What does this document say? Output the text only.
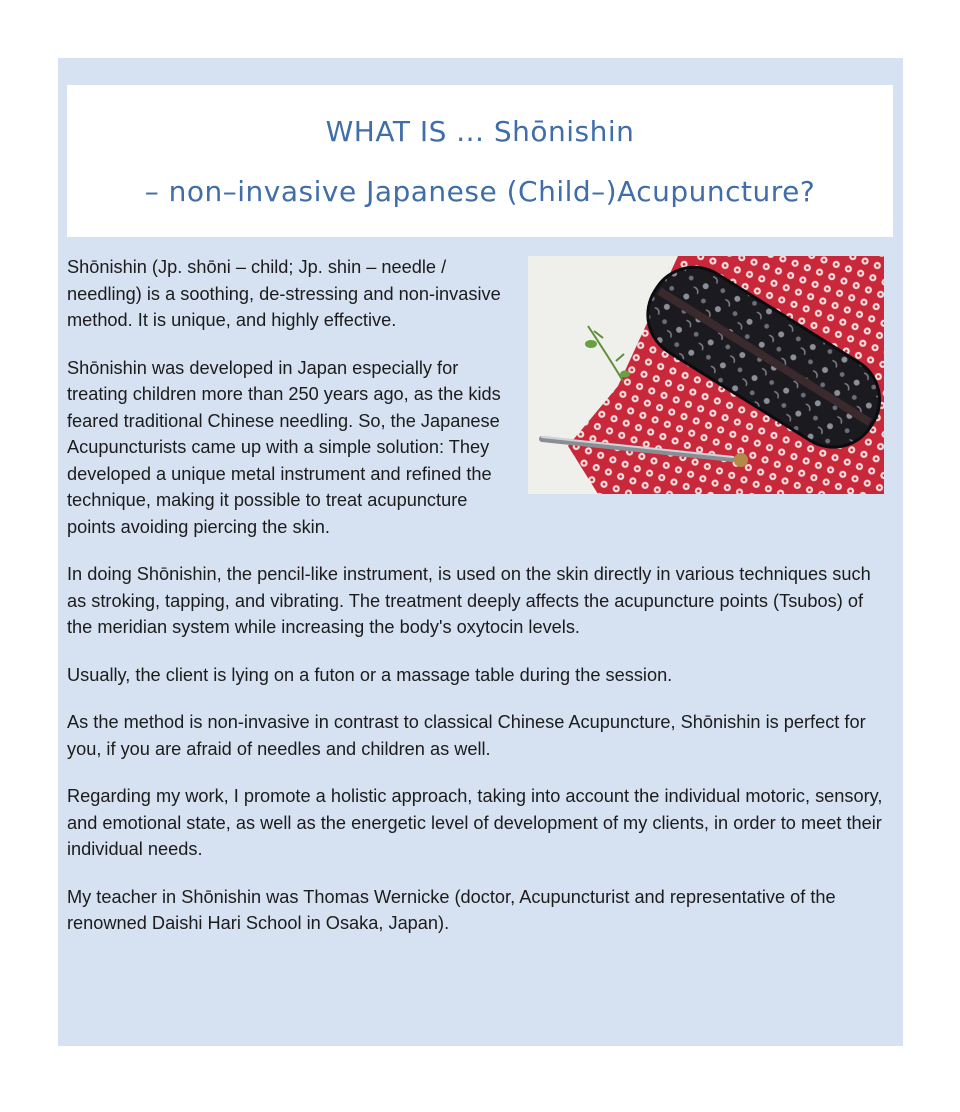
WHAT IS ... Shōnishin
– non–invasive Japanese (Child–)Acupuncture?

Shōnishin (Jp. shōni – child; Jp. shin – needle / needling) is a soothing, de-stressing and non-invasive method. It is unique, and highly effective.

Shōnishin was developed in Japan especially for treating children more than 250 years ago, as the kids feared traditional Chinese needling. So, the Japanese Acupuncturists came up with a simple solution: They developed a unique metal instrument and refined the technique, making it possible to treat acupuncture points avoiding piercing the skin.

In doing Shōnishin, the pencil-like instrument, is used on the skin directly in various techniques such as stroking, tapping, and vibrating. The treatment deeply affects the acupuncture points (Tsubos) of the meridian system while increasing the body's oxytocin levels.

Usually, the client is lying on a futon or a massage table during the session.

As the method is non-invasive in contrast to classical Chinese Acupuncture, Shōnishin is perfect for you, if you are afraid of needles and children as well.

Regarding my work, I promote a holistic approach, taking into account the individual motoric, sensory, and emotional state, as well as the energetic level of development of my clients, in order to meet their individual needs.

My teacher in Shōnishin was Thomas Wernicke (doctor, Acupuncturist and representative of the renowned Daishi Hari School in Osaka, Japan).
